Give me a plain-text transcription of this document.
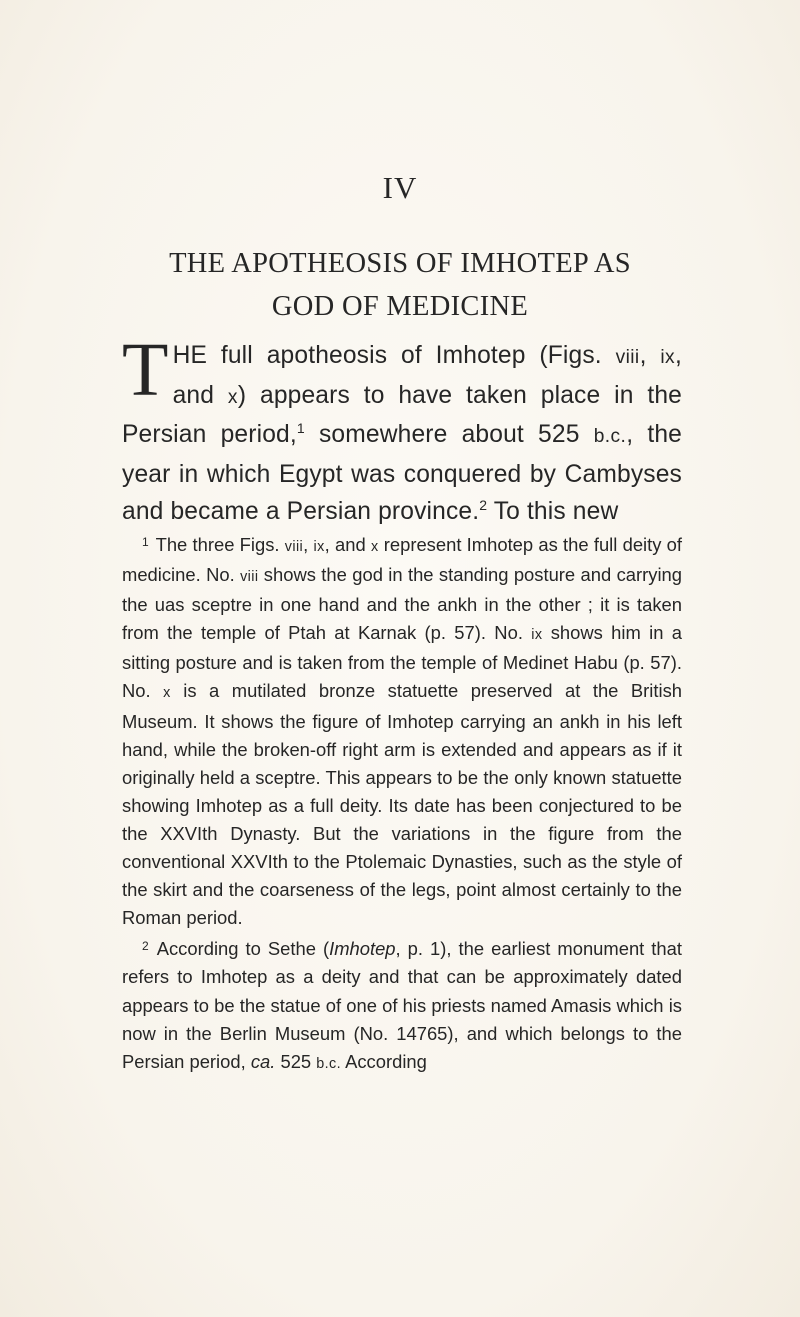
IV
THE APOTHEOSIS OF IMHOTEP AS
GOD OF MEDICINE

THE full apotheosis of Imhotep (Figs. viii, ix, and x) appears to have taken place in the Persian period,$^1$ somewhere about 525 b.c., the year in which Egypt was conquered by Cambyses and became a Persian province.$^2$ To this new

$^1$ The three Figs. viii, ix, and x represent Imhotep as the full deity of medicine. No. viii shows the god in the standing posture and carrying the uas sceptre in one hand and the ankh in the other ; it is taken from the temple of Ptah at Karnak (p. 57). No. ix shows him in a sitting posture and is taken from the temple of Medinet Habu (p. 57). No. x is a mutilated bronze statuette preserved at the British Museum. It shows the figure of Imhotep carrying an ankh in his left hand, while the broken-off right arm is extended and appears as if it originally held a sceptre. This appears to be the only known statuette showing Imhotep as a full deity. Its date has been conjectured to be the XXVIth Dynasty. But the variations in the figure from the conventional XXVIth to the Ptolemaic Dynasties, such as the style of the skirt and the coarseness of the legs, point almost certainly to the Roman period.

$^2$ According to Sethe (Imhotep, p. 1), the earliest monument that refers to Imhotep as a deity and that can be approximately dated appears to be the statue of one of his priests named Amasis which is now in the Berlin Museum (No. 14765), and which belongs to the Persian period, ca. 525 b.c. According
